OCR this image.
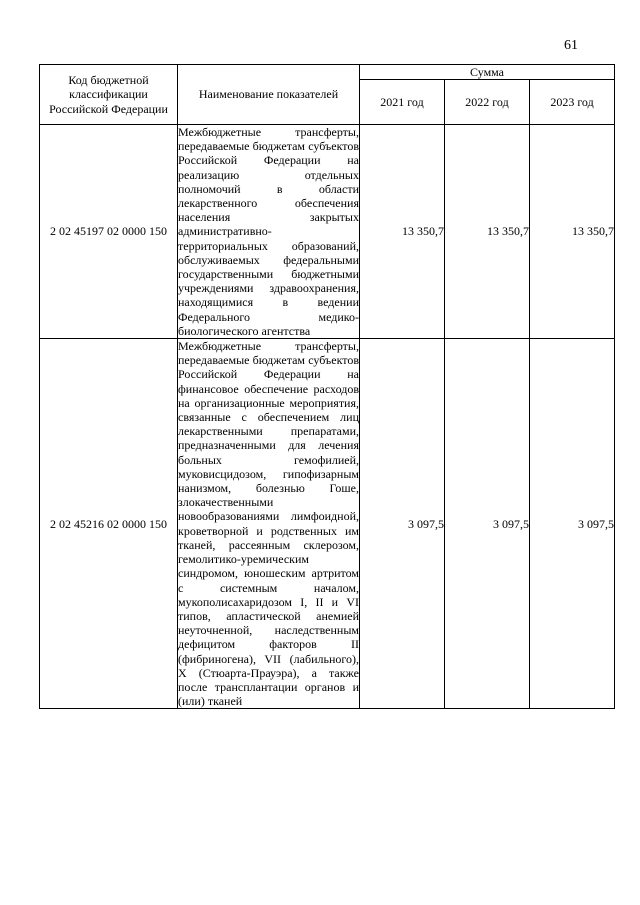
61
Код бюджетной классификации Российской Федерации	Наименование показателей	Сумма		
		2021 год	2022 год	2023 год
2 02 45197 02 0000 150	Межбюджетные трансферты, передаваемые бюджетам субъектов Российской Федерации на реализацию отдельных полномочий в области лекарственного обеспечения населения закрытых административно-территориальных образований, обслуживаемых федеральными государственными бюджетными учреждениями здравоохранения, находящимися в ведении Федерального медико-биологического агентства	13 350,7	13 350,7	13 350,7
2 02 45216 02 0000 150	Межбюджетные трансферты, передаваемые бюджетам субъектов Российской Федерации на финансовое обеспечение расходов на организационные мероприятия, связанные с обеспечением лиц лекарственными препаратами, предназначенными для лечения больных гемофилией, муковисцидозом, гипофизарным нанизмом, болезнью Гоше, злокачественными новообразованиями лимфоидной, кроветворной и родственных им тканей, рассеянным склерозом, гемолитико-уремическим синдромом, юношеским артритом с системным началом, мукополисахаридозом I, II и VI типов, апластической анемией неуточненной, наследственным дефицитом факторов II (фибриногена), VII (лабильного), X (Стюарта-Прауэра), а также после трансплантации органов и (или) тканей	3 097,5	3 097,5	3 097,5
